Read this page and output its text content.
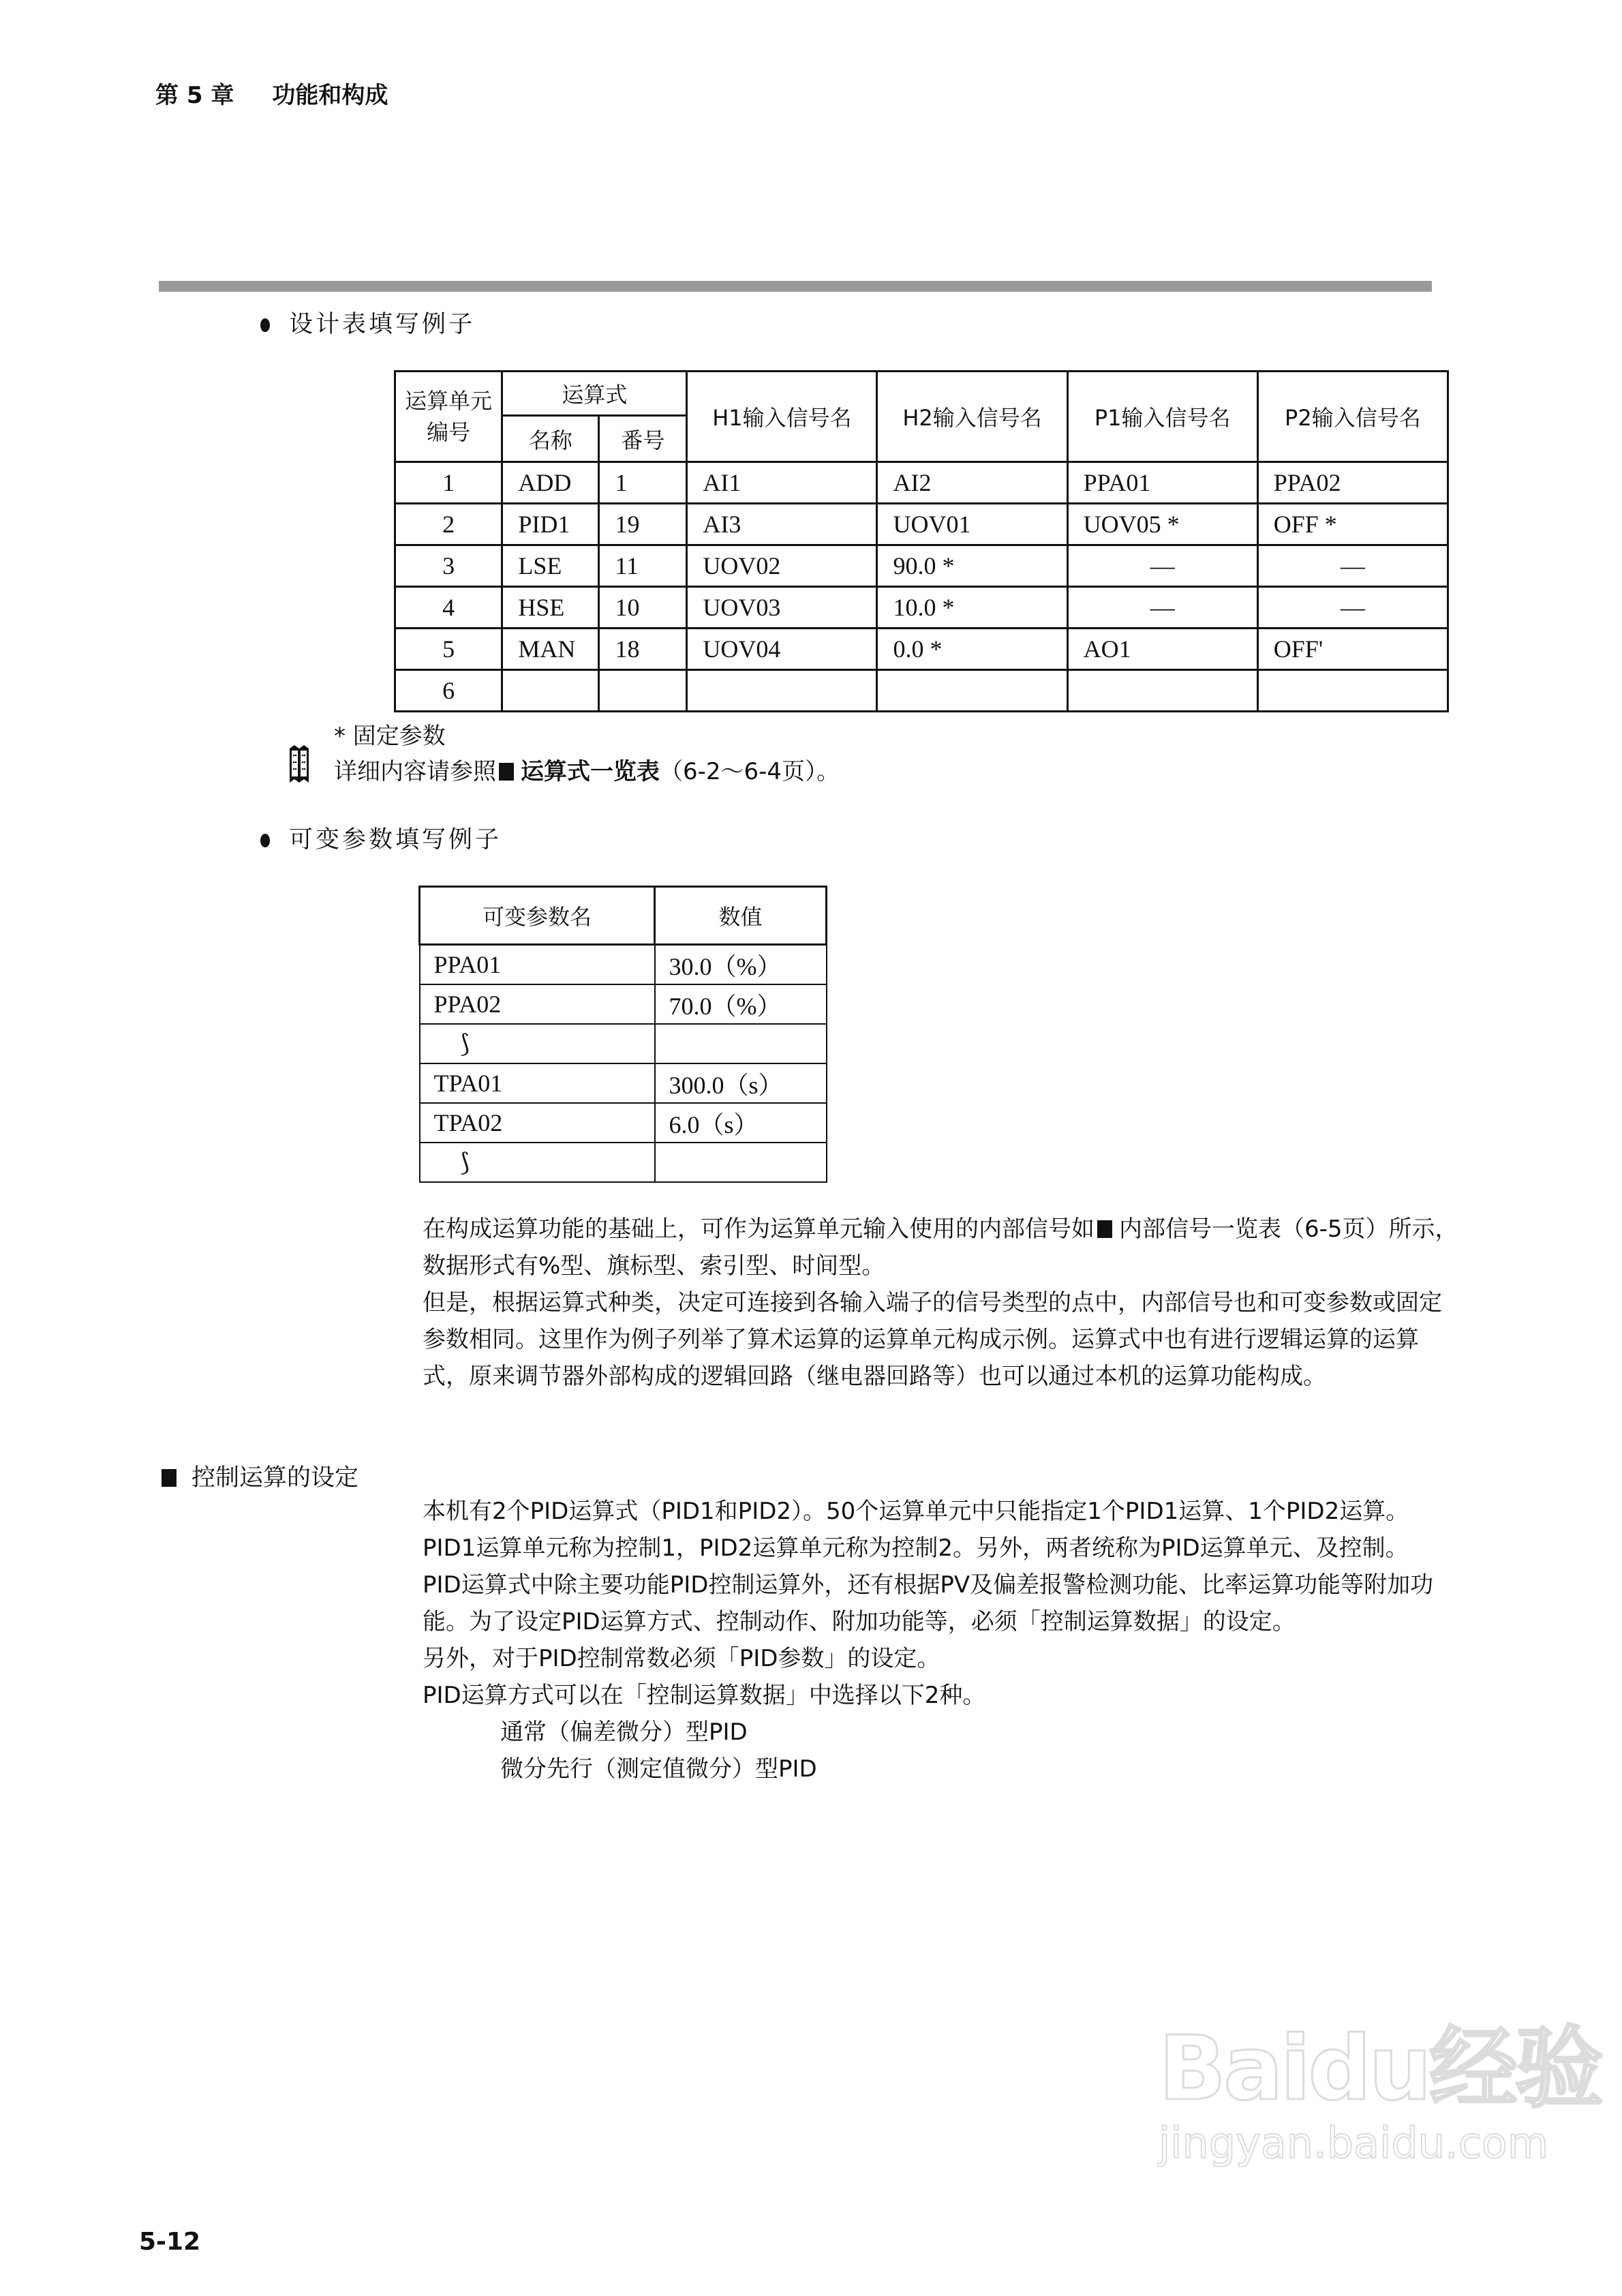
第 5 章 功能和构成
设计表填写例子
运算单元编号	运算式		H1输入信号名	H2输入信号名	P1输入信号名	P2输入信号名
	名称	番号				
1	ADD	1	AI1	AI2	PPA01	PPA02
2	PID1	19	AI3	UOV01	UOV05 *	OFF *
3	LSE	11	UOV02	90.0 *	—	—
4	HSE	10	UOV03	10.0 *	—	—
5	MAN	18	UOV04	0.0 *	AO1	OFF'
6						
* 固定参数
详细内容请参照 运算式一览表（6-2～6-4页）。
可变参数填写例子
可变参数名	数值
PPA01	30.0（%）
PPA02	70.0（%）
⟆	
TPA01	300.0（s）
TPA02	6.0（s）
⟆	

在构成运算功能的基础上，可作为运算单元输入使用的内部信号如 内部信号一览表（6-5页）所示，数据形式有%型、旗标型、索引型、时间型。

但是，根据运算式种类，决定可连接到各输入端子的信号类型的点中，内部信号也和可变参数或固定参数相同。这里作为例子列举了算术运算的运算单元构成示例。运算式中也有进行逻辑运算的运算式，原来调节器外部构成的逻辑回路（继电器回路等）也可以通过本机的运算功能构成。

控制运算的设定

本机有2个PID运算式（PID1和PID2）。50个运算单元中只能指定1个PID1运算、1个PID2运算。PID1运算单元称为控制1，PID2运算单元称为控制2。另外，两者统称为PID运算单元、及控制。

PID运算式中除主要功能PID控制运算外，还有根据PV及偏差报警检测功能、比率运算功能等附加功能。为了设定PID运算方式、控制动作、附加功能等，必须「控制运算数据」的设定。

另外，对于PID控制常数必须「PID参数」的设定。

PID运算方式可以在「控制运算数据」中选择以下2种。

通常（偏差微分）型PID

微分先行（测定值微分）型PID

5-12
Baidu经验
jingyan.baidu.com
